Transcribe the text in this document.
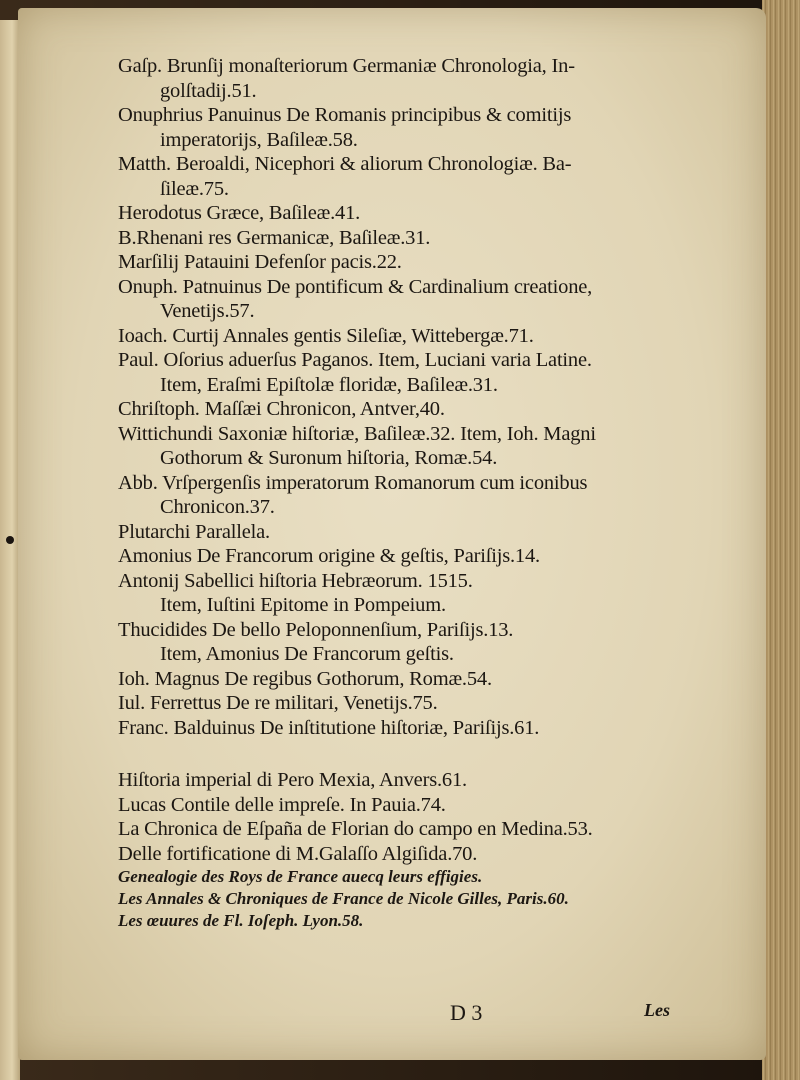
Gaſp. Brunſij monaſteriorum Germaniæ Chronologia, In-
golſtadij.51.
Onuphrius Panuinus De Romanis principibus & comitijs
imperatorijs, Baſileæ.58.
Matth. Beroaldi, Nicephori & aliorum Chronologiæ. Ba-
ſileæ.75.
Herodotus Græce, Baſileæ.41.
B.Rhenani res Germanicæ, Baſileæ.31.
Marſilij Patauini Defenſor pacis.22.
Onuph. Patnuinus De pontificum & Cardinalium creatione,
Venetijs.57.
Ioach. Curtij Annales gentis Sileſiæ, Wittebergæ.71.
Paul. Oſorius aduerſus Paganos. Item, Luciani varia Latine.
Item, Eraſmi Epiſtolæ floridæ, Baſileæ.31.
Chriſtoph. Maſſæi Chronicon, Antver,40.
Wittichundi Saxoniæ hiſtoriæ, Baſileæ.32. Item, Ioh. Magni
Gothorum & Suronum hiſtoria, Romæ.54.
Abb. Vrſpergenſis imperatorum Romanorum cum iconibus
Chronicon.37.
Plutarchi Parallela.
Amonius De Francorum origine & geſtis, Pariſijs.14.
Antonij Sabellici hiſtoria Hebræorum. 1515.
Item, Iuſtini Epitome in Pompeium.
Thucidides De bello Peloponnenſium, Pariſijs.13.
Item, Amonius De Francorum geſtis.
Ioh. Magnus De regibus Gothorum, Romæ.54.
Iul. Ferrettus De re militari, Venetijs.75.
Franc. Balduinus De inſtitutione hiſtoriæ, Pariſijs.61.
Hiſtoria imperial di Pero Mexia, Anvers.61.
Lucas Contile delle impreſe. In Pauia.74.
La Chronica de Eſpaña de Florian do campo en Medina.53.
Delle fortificatione di M.Galaſſo Algiſida.70.
Genealogie des Roys de France auecq leurs effigies.
Les Annales & Chroniques de France de Nicole Gilles, Paris.60.
Les œuures de Fl. Ioſeph. Lyon.58.
D 3	Les
